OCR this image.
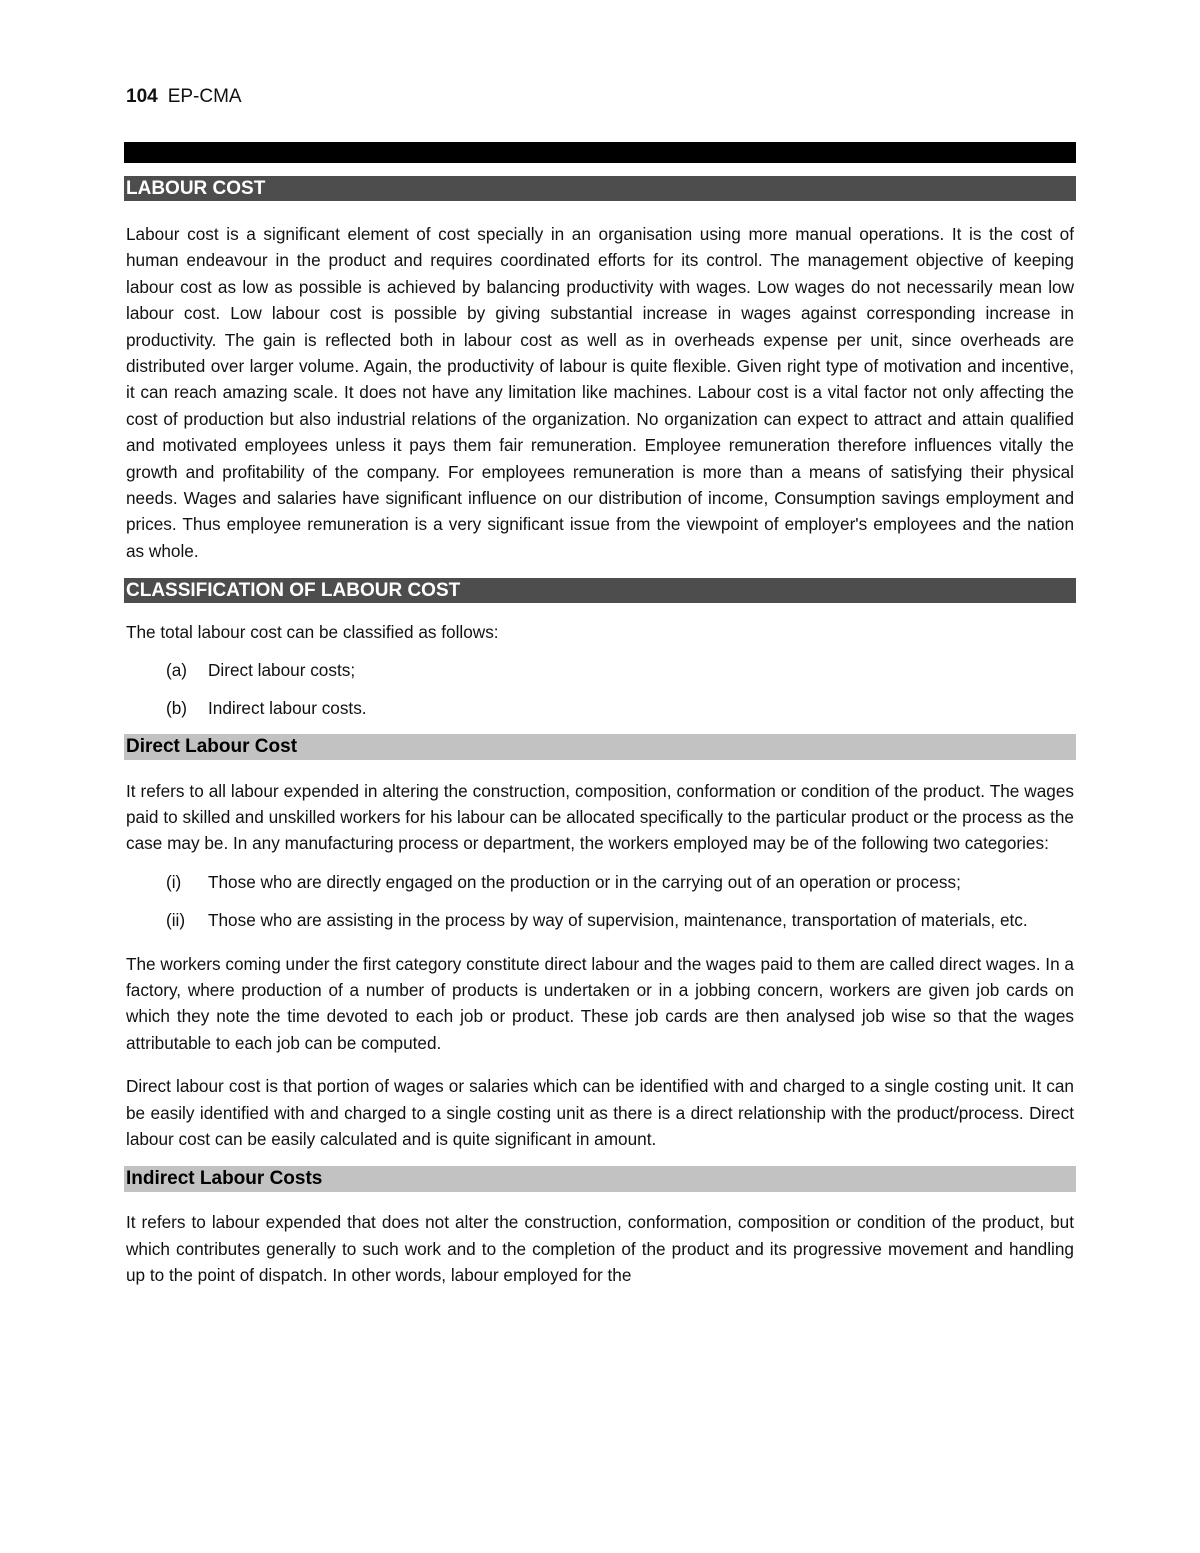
104 EP-CMA
LABOUR COST

Labour cost is a significant element of cost specially in an organisation using more manual operations. It is the cost of human endeavour in the product and requires coordinated efforts for its control. The management objective of keeping labour cost as low as possible is achieved by balancing productivity with wages. Low wages do not necessarily mean low labour cost. Low labour cost is possible by giving substantial increase in wages against corresponding increase in productivity. The gain is reflected both in labour cost as well as in overheads expense per unit, since overheads are distributed over larger volume. Again, the productivity of labour is quite flexible. Given right type of motivation and incentive, it can reach amazing scale. It does not have any limitation like machines. Labour cost is a vital factor not only affecting the cost of production but also industrial relations of the organization. No organization can expect to attract and attain qualified and motivated employees unless it pays them fair remuneration. Employee remuneration therefore influences vitally the growth and profitability of the company. For employees remuneration is more than a means of satisfying their physical needs. Wages and salaries have significant influence on our distribution of income, Consumption savings employment and prices. Thus employee remuneration is a very significant issue from the viewpoint of employer's employees and the nation as whole.

CLASSIFICATION OF LABOUR COST

The total labour cost can be classified as follows:

(a)	Direct labour costs;
(b)	Indirect labour costs.
Direct Labour Cost

It refers to all labour expended in altering the construction, composition, conformation or condition of the product. The wages paid to skilled and unskilled workers for his labour can be allocated specifically to the particular product or the process as the case may be. In any manufacturing process or department, the workers employed may be of the following two categories:

(i)	Those who are directly engaged on the production or in the carrying out of an operation or process;
(ii)	Those who are assisting in the process by way of supervision, maintenance, transportation of materials, etc.

The workers coming under the first category constitute direct labour and the wages paid to them are called direct wages. In a factory, where production of a number of products is undertaken or in a jobbing concern, workers are given job cards on which they note the time devoted to each job or product. These job cards are then analysed job wise so that the wages attributable to each job can be computed.

Direct labour cost is that portion of wages or salaries which can be identified with and charged to a single costing unit. It can be easily identified with and charged to a single costing unit as there is a direct relationship with the product/process. Direct labour cost can be easily calculated and is quite significant in amount.

Indirect Labour Costs

It refers to labour expended that does not alter the construction, conformation, composition or condition of the product, but which contributes generally to such work and to the completion of the product and its progressive movement and handling up to the point of dispatch. In other words, labour employed for the
